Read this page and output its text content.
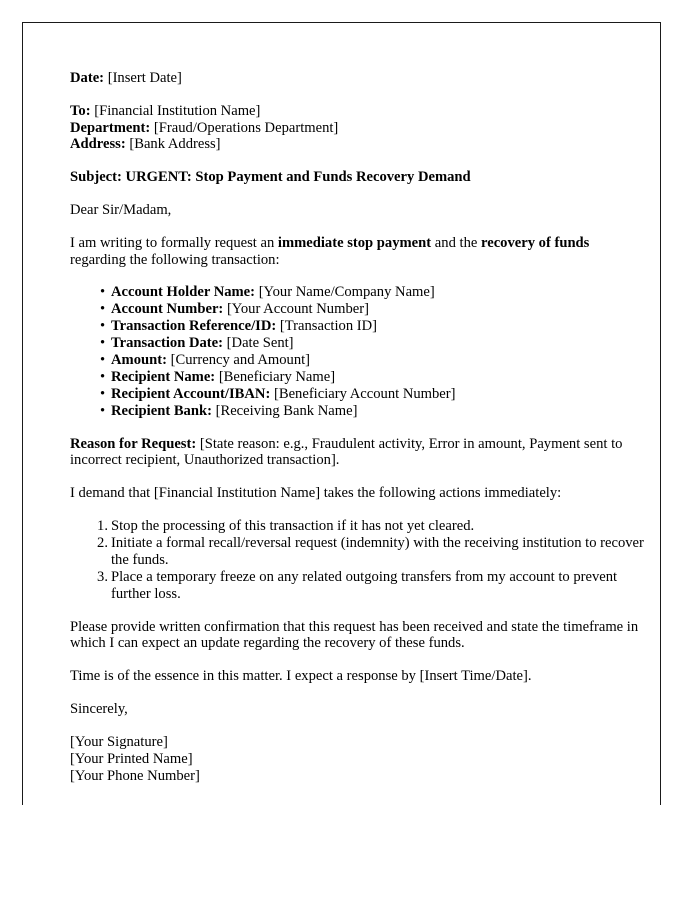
Date: [Insert Date]

To: [Financial Institution Name]

Department: [Fraud/Operations Department]

Address: [Bank Address]

Subject: URGENT: Stop Payment and Funds Recovery Demand

Dear Sir/Madam,

I am writing to formally request an immediate stop payment and the recovery of funds regarding the following transaction:

• Account Holder Name: [Your Name/Company Name]
• Account Number: [Your Account Number]
• Transaction Reference/ID: [Transaction ID]
• Transaction Date: [Date Sent]
• Amount: [Currency and Amount]
• Recipient Name: [Beneficiary Name]
• Recipient Account/IBAN: [Beneficiary Account Number]
• Recipient Bank: [Receiving Bank Name]

Reason for Request: [State reason: e.g., Fraudulent activity, Error in amount, Payment sent to incorrect recipient, Unauthorized transaction].

I demand that [Financial Institution Name] takes the following actions immediately:

Stop the processing of this transaction if it has not yet cleared.
Initiate a formal recall/reversal request (indemnity) with the receiving institution to recover the funds.
Place a temporary freeze on any related outgoing transfers from my account to prevent further loss.

Please provide written confirmation that this request has been received and state the timeframe in which I can expect an update regarding the recovery of these funds.

Time is of the essence in this matter. I expect a response by [Insert Time/Date].

Sincerely,

[Your Signature]

[Your Printed Name]

[Your Phone Number]
